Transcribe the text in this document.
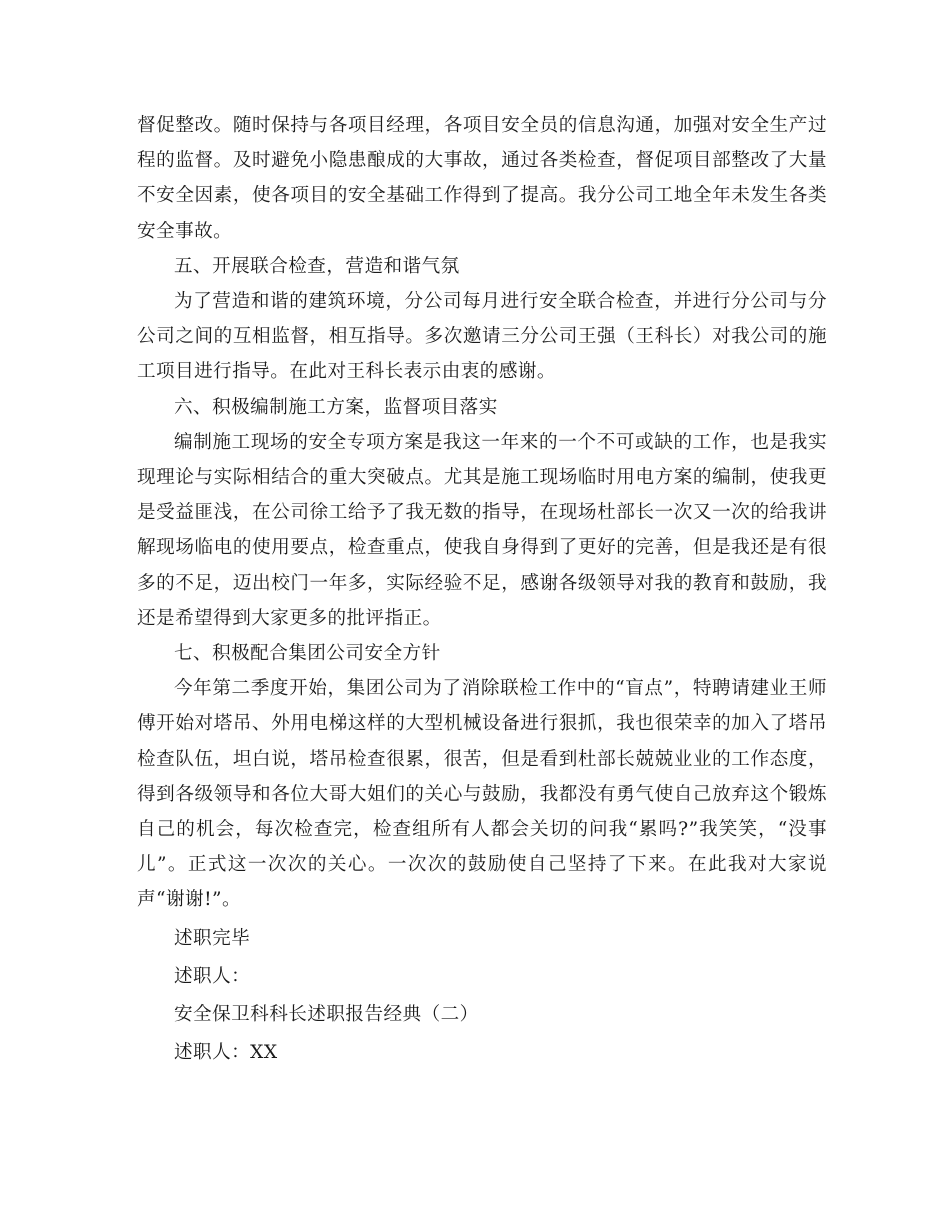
督促整改。随时保持与各项目经理，各项目安全员的信息沟通，加强对安全生产过程的监督。及时避免小隐患酿成的大事故，通过各类检查，督促项目部整改了大量不安全因素，使各项目的安全基础工作得到了提高。我分公司工地全年未发生各类安全事故。

五、开展联合检查，营造和谐气氛

为了营造和谐的建筑环境，分公司每月进行安全联合检查，并进行分公司与分公司之间的互相监督，相互指导。多次邀请三分公司王强（王科长）对我公司的施工项目进行指导。在此对王科长表示由衷的感谢。

六、积极编制施工方案，监督项目落实

编制施工现场的安全专项方案是我这一年来的一个不可或缺的工作，也是我实现理论与实际相结合的重大突破点。尤其是施工现场临时用电方案的编制，使我更是受益匪浅，在公司徐工给予了我无数的指导，在现场杜部长一次又一次的给我讲解现场临电的使用要点，检查重点，使我自身得到了更好的完善，但是我还是有很多的不足，迈出校门一年多，实际经验不足，感谢各级领导对我的教育和鼓励，我还是希望得到大家更多的批评指正。

七、积极配合集团公司安全方针

今年第二季度开始，集团公司为了消除联检工作中的“盲点”，特聘请建业王师傅开始对塔吊、外用电梯这样的大型机械设备进行狠抓，我也很荣幸的加入了塔吊检查队伍，坦白说，塔吊检查很累，很苦，但是看到杜部长兢兢业业的工作态度，得到各级领导和各位大哥大姐们的关心与鼓励，我都没有勇气使自己放弃这个锻炼自己的机会，每次检查完，检查组所有人都会关切的问我“累吗?”我笑笑，“没事儿”。正式这一次次的关心。一次次的鼓励使自己坚持了下来。在此我对大家说声“谢谢!”。

述职完毕

述职人：

安全保卫科科长述职报告经典（二）

述职人：XX
